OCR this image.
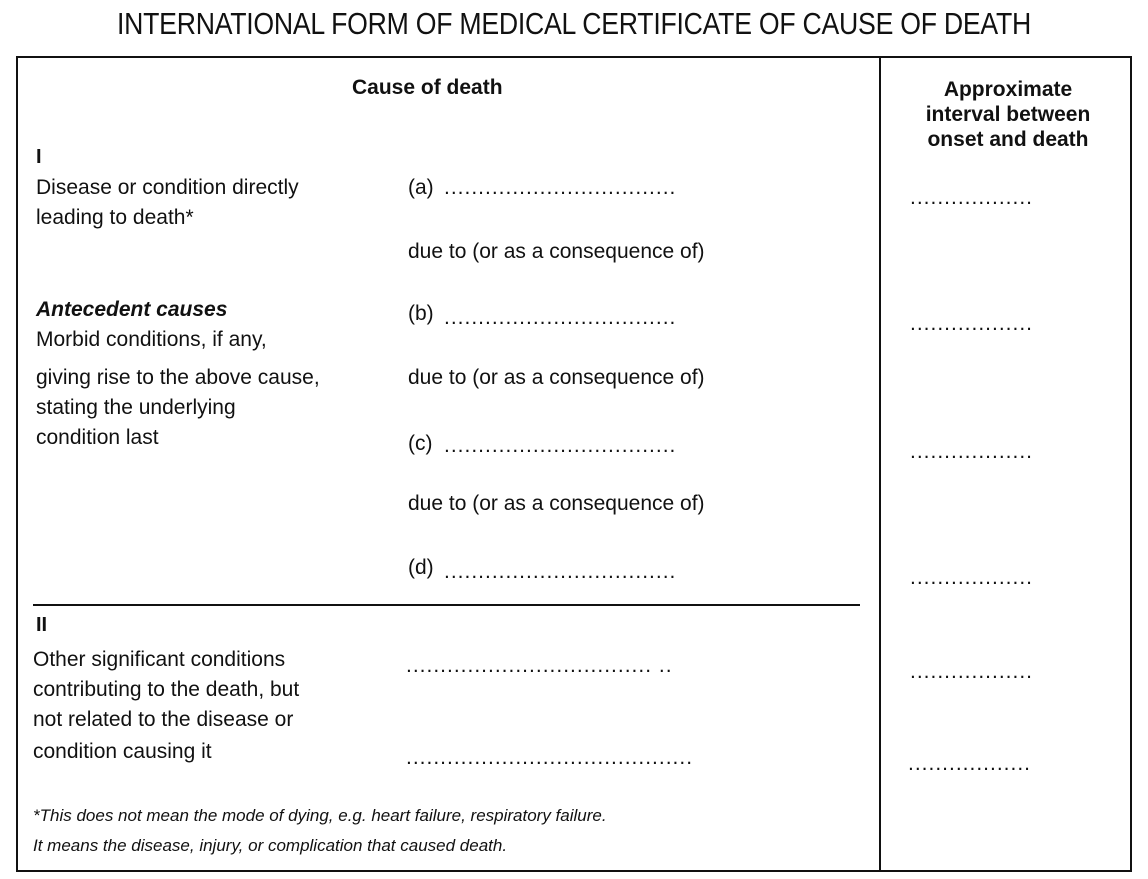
INTERNATIONAL FORM OF MEDICAL CERTIFICATE OF CAUSE OF DEATH
Cause of death	Approximate
interval between
onset and death
I
Disease or condition directly
leading to death*
Antecedent causes
Morbid conditions, if any,
giving rise to the above cause,
stating the underlying
condition last
(a) ..................................	..................
due to (or as a consequence of)
(b) ..................................	..................
due to (or as a consequence of)
(c) ..................................	..................
due to (or as a consequence of)
(d) ..................................	..................
II
Other significant conditions
contributing to the death, but
not related to the disease or
condition causing it
.................................... ..	..................
..........................................	..................
*This does not mean the mode of dying, e.g. heart failure, respiratory failure.
It means the disease, injury, or complication that caused death.
